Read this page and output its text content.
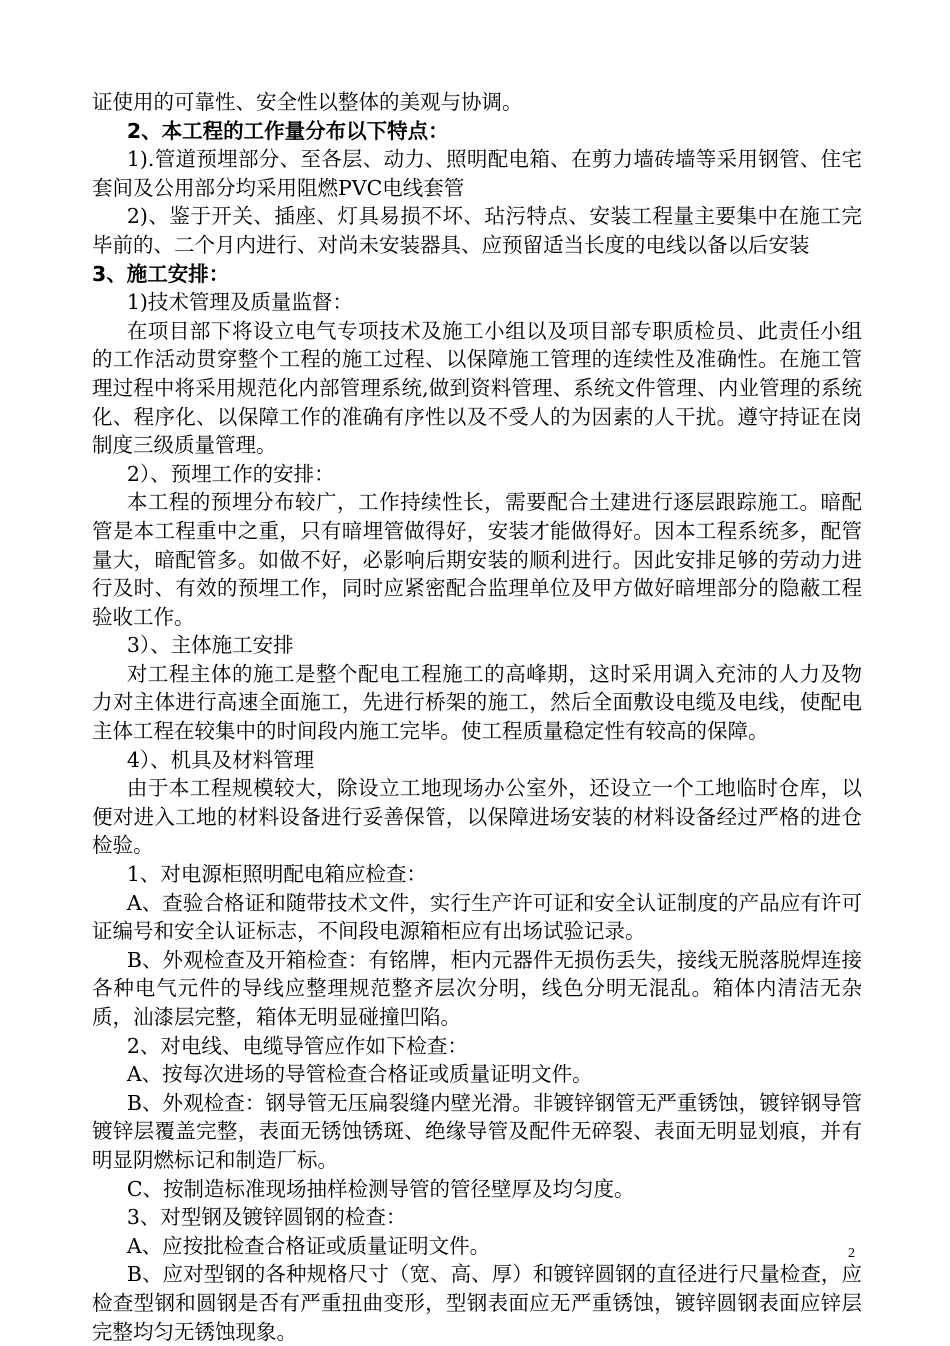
证使用的可靠性、安全性以整体的美观与协调。

2、本工程的工作量分布以下特点：

1).管道预埋部分、至各层、动力、照明配电箱、在剪力墙砖墙等采用钢管、住宅套间及公用部分均采用阻燃PVC电线套管

2)、鉴于开关、插座、灯具易损不坏、玷污特点、安装工程量主要集中在施工完毕前的、二个月内进行、对尚未安装器具、应预留适当长度的电线以备以后安装

3、施工安排：

1)技术管理及质量监督：

在项目部下将设立电气专项技术及施工小组以及项目部专职质检员、此责任小组的工作活动贯穿整个工程的施工过程、以保障施工管理的连续性及准确性。在施工管理过程中将采用规范化内部管理系统,做到资料管理、系统文件管理、内业管理的系统化、程序化、以保障工作的准确有序性以及不受人的为因素的人干扰。遵守持证在岗制度三级质量管理。

2）、预埋工作的安排：

本工程的预埋分布较广，工作持续性长，需要配合土建进行逐层跟踪施工。暗配管是本工程重中之重，只有暗埋管做得好，安装才能做得好。因本工程系统多，配管量大，暗配管多。如做不好，必影响后期安装的顺利进行。因此安排足够的劳动力进行及时、有效的预埋工作，同时应紧密配合监理单位及甲方做好暗埋部分的隐蔽工程验收工作。

3）、主体施工安排

对工程主体的施工是整个配电工程施工的高峰期，这时采用调入充沛的人力及物力对主体进行高速全面施工，先进行桥架的施工，然后全面敷设电缆及电线，使配电主体工程在较集中的时间段内施工完毕。使工程质量稳定性有较高的保障。

4）、机具及材料管理

由于本工程规模较大，除设立工地现场办公室外，还设立一个工地临时仓库，以便对进入工地的材料设备进行妥善保管，以保障进场安装的材料设备经过严格的进仓检验。

1、对电源柜照明配电箱应检查：

A、查验合格证和随带技术文件，实行生产许可证和安全认证制度的产品应有许可证编号和安全认证标志，不间段电源箱柜应有出场试验记录。

B、外观检查及开箱检查：有铭牌，柜内元器件无损伤丢失，接线无脱落脱焊连接各种电气元件的导线应整理规范整齐层次分明，线色分明无混乱。箱体内清洁无杂质，汕漆层完整，箱体无明显碰撞凹陷。

2、对电线、电缆导管应作如下检查：

A、按每次进场的导管检查合格证或质量证明文件。

B、外观检查：钢导管无压扁裂缝内壁光滑。非镀锌钢管无严重锈蚀，镀锌钢导管镀锌层覆盖完整，表面无锈蚀锈斑、绝缘导管及配件无碎裂、表面无明显划痕，并有明显阴燃标记和制造厂标。

C、按制造标准现场抽样检测导管的管径壁厚及均匀度。

3、对型钢及镀锌圆钢的检查：

A、应按批检查合格证或质量证明文件。

B、应对型钢的各种规格尺寸（宽、高、厚）和镀锌圆钢的直径进行尺量检查，应检查型钢和圆钢是否有严重扭曲变形，型钢表面应无严重锈蚀，镀锌圆钢表面应锌层完整均匀无锈蚀现象。

2
